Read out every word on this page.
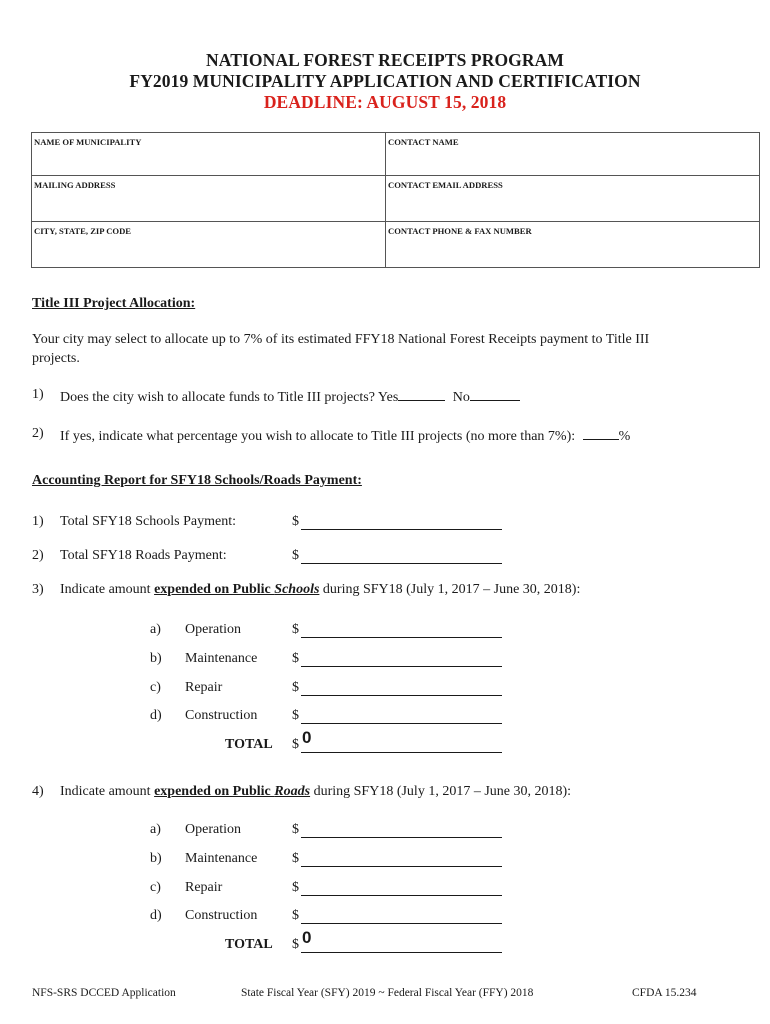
NATIONAL FOREST RECEIPTS PROGRAM
FY2019 MUNICIPALITY APPLICATION AND CERTIFICATION
DEADLINE: AUGUST 15, 2018
NAME OF MUNICIPALITY	CONTACT NAME
MAILING ADDRESS	CONTACT EMAIL ADDRESS
CITY, STATE, ZIP CODE	CONTACT PHONE & FAX NUMBER
Title III Project Allocation:
Your city may select to allocate up to 7% of its estimated FFY18 National Forest Receipts payment to Title III
projects.
1) Does the city wish to allocate funds to Title III projects? Yes	No
2) If yes, indicate what percentage you wish to allocate to Title III projects (no more than 7%):	%
Accounting Report for SFY18 Schools/Roads Payment:
1) Total SFY18 Schools Payment:	$
2) Total SFY18 Roads Payment:	$
3) Indicate amount expended on Public Schools during SFY18 (July 1, 2017 – June 30, 2018):
a) Operation	$
b) Maintenance $
c) Repair	$
d) Construction $
TOTAL $ 0
4) Indicate amount expended on Public Roads during SFY18 (July 1, 2017 – June 30, 2018):
a) Operation	$
b) Maintenance $
c) Repair	$
d) Construction $
TOTAL $ 0
NFS-SRS DCCED Application	State Fiscal Year (SFY) 2019 ~ Federal Fiscal Year (FFY) 2018	CFDA 15.234
